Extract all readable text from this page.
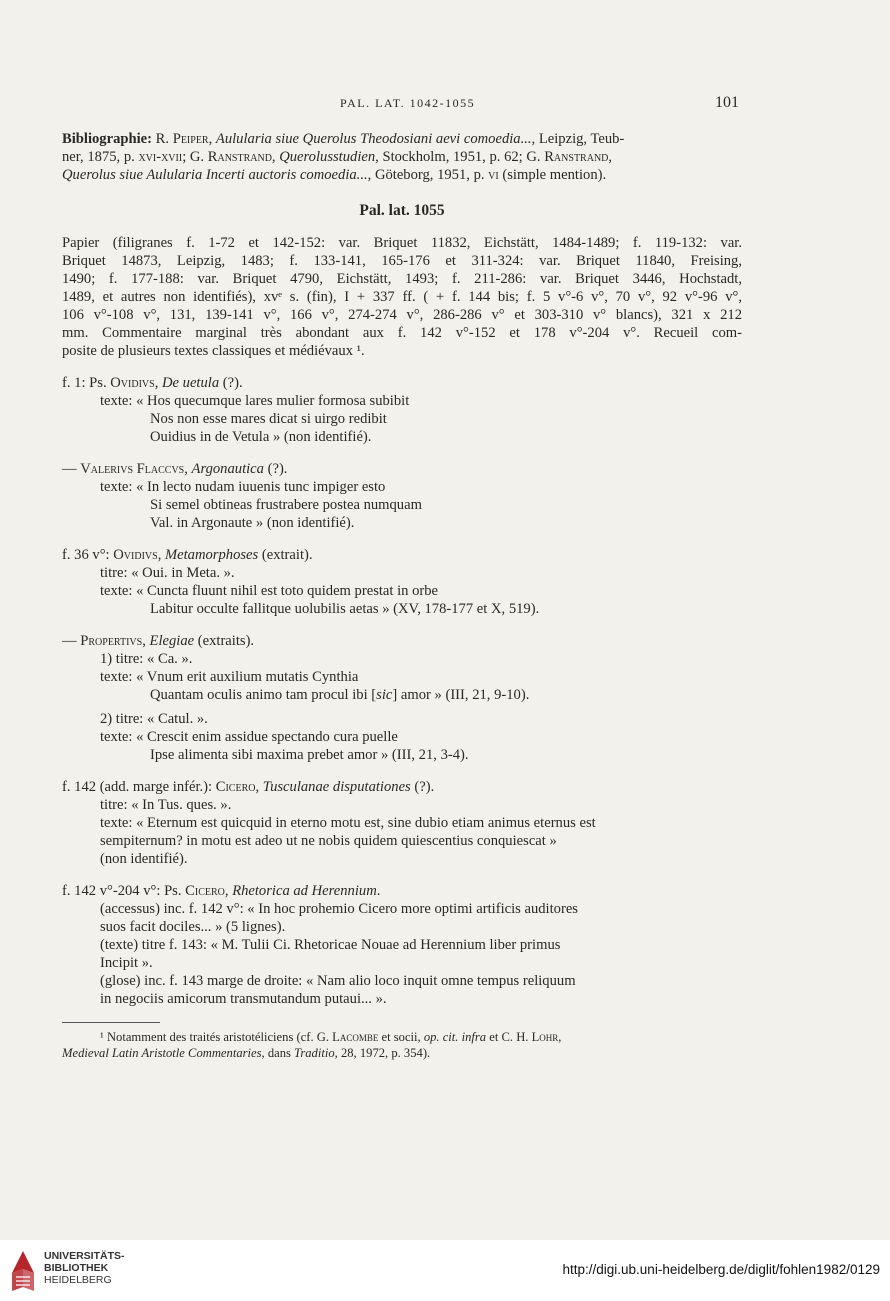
PAL. LAT. 1042-1055	101

Bibliographie: R. Peiper, Aulularia siue Querolus Theodosiani aevi comoedia..., Leipzig, Teub-

ner, 1875, p. xvi-xvii; G. Ranstrand, Querolusstudien, Stockholm, 1951, p. 62; G. Ranstrand,

Querolus siue Aulularia Incerti auctoris comoedia..., Göteborg, 1951, p. vi (simple mention).

Pal. lat. 1055

Papier (filigranes f. 1-72 et 142-152: var. Briquet 11832, Eichstätt, 1484-1489; f. 119-132: var.

Briquet 14873, Leipzig, 1483; f. 133-141, 165-176 et 311-324: var. Briquet 11840, Freising,

1490; f. 177-188: var. Briquet 4790, Eichstätt, 1493; f. 211-286: var. Briquet 3446, Hochstadt,

1489, et autres non identifiés), xvᵉ s. (fin), I + 337 ff. ( + f. 144 bis; f. 5 v°-6 v°, 70 v°, 92 v°-96 v°,

106 v°-108 v°, 131, 139-141 v°, 166 v°, 274-274 v°, 286-286 v° et 303-310 v° blancs), 321 x 212

mm. Commentaire marginal très abondant aux f. 142 v°-152 et 178 v°-204 v°. Recueil com-

posite de plusieurs textes classiques et médiévaux ¹.

f. 1: Ps. Ovidivs, De uetula (?).

texte: « Hos quecumque lares mulier formosa subibit

Nos non esse mares dicat si uirgo redibit

Ouidius in de Vetula » (non identifié).

— Valerivs Flaccvs, Argonautica (?).

texte: « In lecto nudam iuuenis tunc impiger esto

Si semel obtineas frustrabere postea numquam

Val. in Argonaute » (non identifié).

f. 36 v°: Ovidivs, Metamorphoses (extrait).

titre: « Oui. in Meta. ».

texte: « Cuncta fluunt nihil est toto quidem prestat in orbe

Labitur occulte fallitque uolubilis aetas » (XV, 178-177 et X, 519).

— Propertivs, Elegiae (extraits).

1) titre: « Ca. ».

texte: « Vnum erit auxilium mutatis Cynthia

Quantam oculis animo tam procul ibi [sic] amor » (III, 21, 9-10).

2) titre: « Catul. ».

texte: « Crescit enim assidue spectando cura puelle

Ipse alimenta sibi maxima prebet amor » (III, 21, 3-4).

f. 142 (add. marge infér.): Cicero, Tusculanae disputationes (?).

titre: « In Tus. ques. ».

texte: « Eternum est quicquid in eterno motu est, sine dubio etiam animus eternus est

sempiternum? in motu est adeo ut ne nobis quidem quiescentius conquiescat »

(non identifié).

f. 142 v°-204 v°: Ps. Cicero, Rhetorica ad Herennium.

(accessus) inc. f. 142 v°: « In hoc prohemio Cicero more optimi artificis auditores

suos facit dociles... » (5 lignes).

(texte) titre f. 143: « M. Tulii Ci. Rhetoricae Nouae ad Herennium liber primus

Incipit ».

(glose) inc. f. 143 marge de droite: « Nam alio loco inquit omne tempus reliquum

in negociis amicorum transmutandum putaui... ».

¹ Notamment des traités aristotéliciens (cf. G. Lacombe et socii, op. cit. infra et C. H. Lohr,

Medieval Latin Aristotle Commentaries, dans Traditio, 28, 1972, p. 354).

UNIVERSITÄTS-
BIBLIOTHEK
HEIDELBERG
http://digi.ub.uni-heidelberg.de/diglit/fohlen1982/0129
